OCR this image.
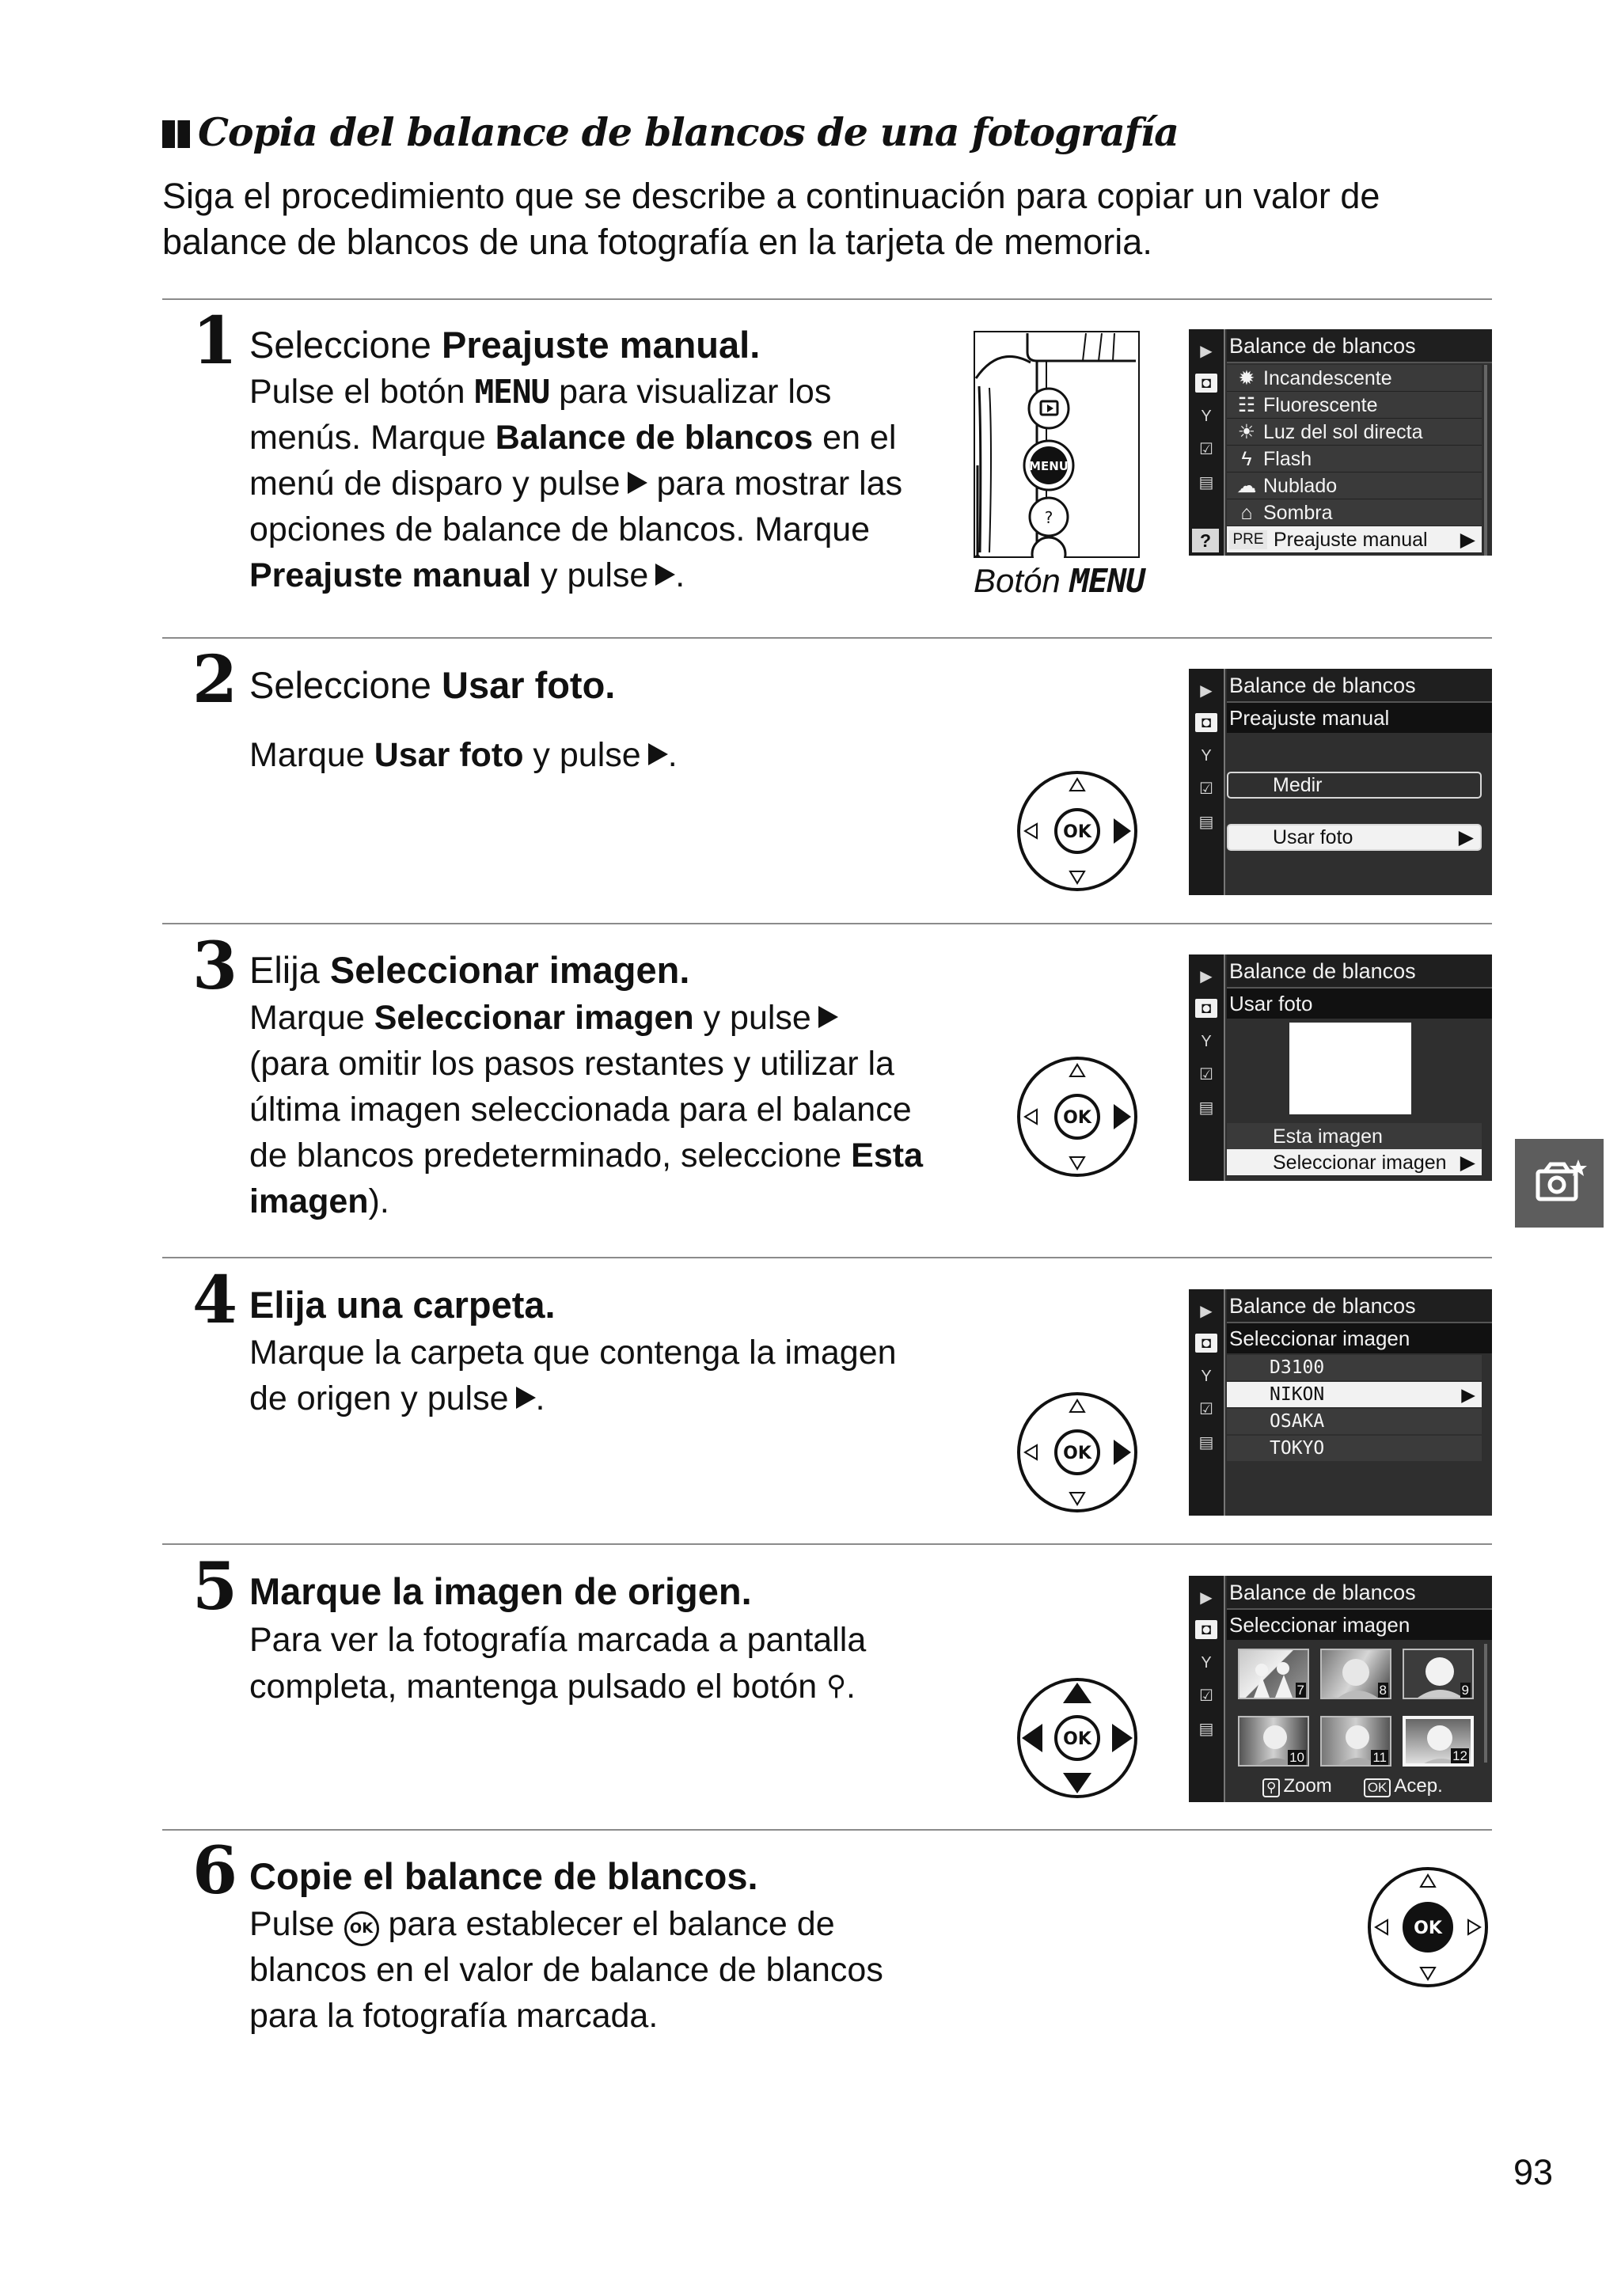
Copia del balance de blancos de una fotografía

Siga el procedimiento que se describe a continuación para copiar un valor de

balance de blancos de una fotografía en la tarjeta de memoria.

1 Seleccione Preajuste manual.
Pulse el botón MENU para visualizar los
menús. Marque Balance de blancos en el
menú de disparo y pulse para mostrar las
opciones de balance de blancos. Marque
Preajuste manual y pulse .
MENU
?
Botón MENU
▶
◘
Y
☑
▤
?
Balance de blancos
✹ Incandescente
☷ Fluorescente
☀ Luz del sol directa
ϟ Flash
☁ Nublado
⌂ Sombra
PRE Preajuste manual ▶
2 Seleccione Usar foto.
Marque Usar foto y pulse .
OK
▶
◘
Y
☑
▤
Balance de blancos
Preajuste manual
Medir
Usar foto	▶
3 Elija Seleccionar imagen.
Marque Seleccionar imagen y pulse
(para omitir los pasos restantes y utilizar la
última imagen seleccionada para el balance
de blancos predeterminado, seleccione Esta
imagen).
OK
▶
◘
Y
☑
▤
Balance de blancos
Usar foto
Esta imagen
Seleccionar imagen ▶
4 Elija una carpeta.
Marque la carpeta que contenga la imagen
de origen y pulse .
OK
▶
◘
Y
☑
▤
Balance de blancos
Seleccionar imagen
D3100
NIKON	▶
OSAKA
TOKYO
5 Marque la imagen de origen.
Para ver la fotografía marcada a pantalla
completa, mantenga pulsado el botón ⚲.
OK
▶
◘
Y
☑
▤
Balance de blancos
Seleccionar imagen
7	8	9
10	11	12
⚲ Zoom	OK Acep.
6 Copie el balance de blancos.
Pulse OK para establecer el balance de
blancos en el valor de balance de blancos
para la fotografía marcada.
OK
93
